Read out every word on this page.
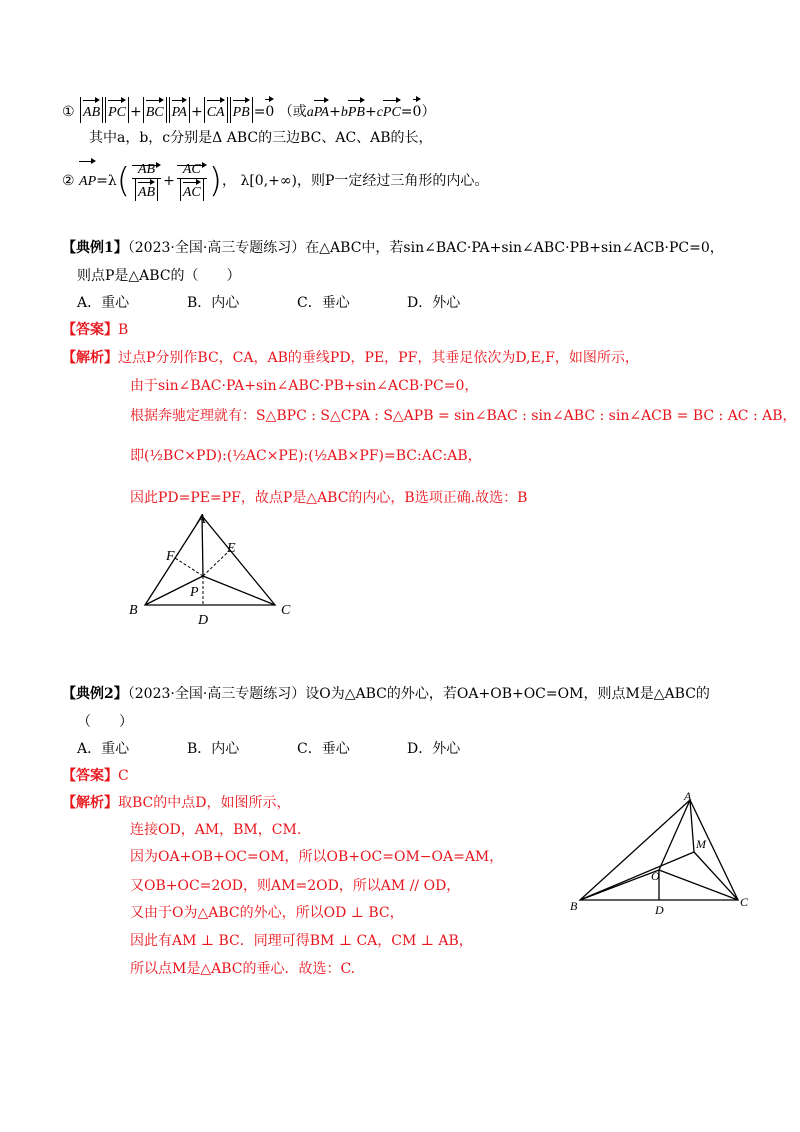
① AB PC + BC PA + CA PB =0 （或aPA+bPB+cPC=0）
其中a，b，c分别是Δ ABC的三边BC、AC、AB的长，
② $AP=\lambda( \frac{AB}{AB} + \frac{AC}{AC}$ )， λ[0,+∞)，则P一定经过三角形的内心。
【典例1】（2023·全国·高三专题练习）在△ABC中，若sin∠BAC·PA+sin∠ABC·PB+sin∠ACB·PC=0，
则点P是△ABC的（　　）
A．重心	B．内心	C．垂心	D．外心
【答案】B
【解析】过点P分别作BC，CA，AB的垂线PD，PE，PF，其垂足依次为D,E,F，如图所示，
由于sin∠BAC·PA+sin∠ABC·PB+sin∠ACB·PC=0，
根据奔驰定理就有：S△BPC : S△CPA : S△APB = sin∠BAC : sin∠ABC : sin∠ACB = BC : AC : AB，
即(½BC×PD):(½AC×PE):(½AB×PF)=BC:AC:AB，
因此PD=PE=PF，故点P是△ABC的内心，B选项正确.故选：B
A
E
F
P
B
D
C
【典例2】（2023·全国·高三专题练习）设O为△ABC的外心，若OA+OB+OC=OM，则点M是△ABC的
（　　）
A．重心	B．内心	C．垂心	D．外心
【答案】C
【解析】取BC的中点D，如图所示，
连接OD，AM，BM，CM.
因为OA+OB+OC=OM，所以OB+OC=OM−OA=AM，
又OB+OC=2OD，则AM=2OD，所以AM // OD，
又由于O为△ABC的外心，所以OD ⊥ BC，
因此有AM ⊥ BC．同理可得BM ⊥ CA，CM ⊥ AB，
所以点M是△ABC的垂心．故选：C.
A
M
O
B	D
C
